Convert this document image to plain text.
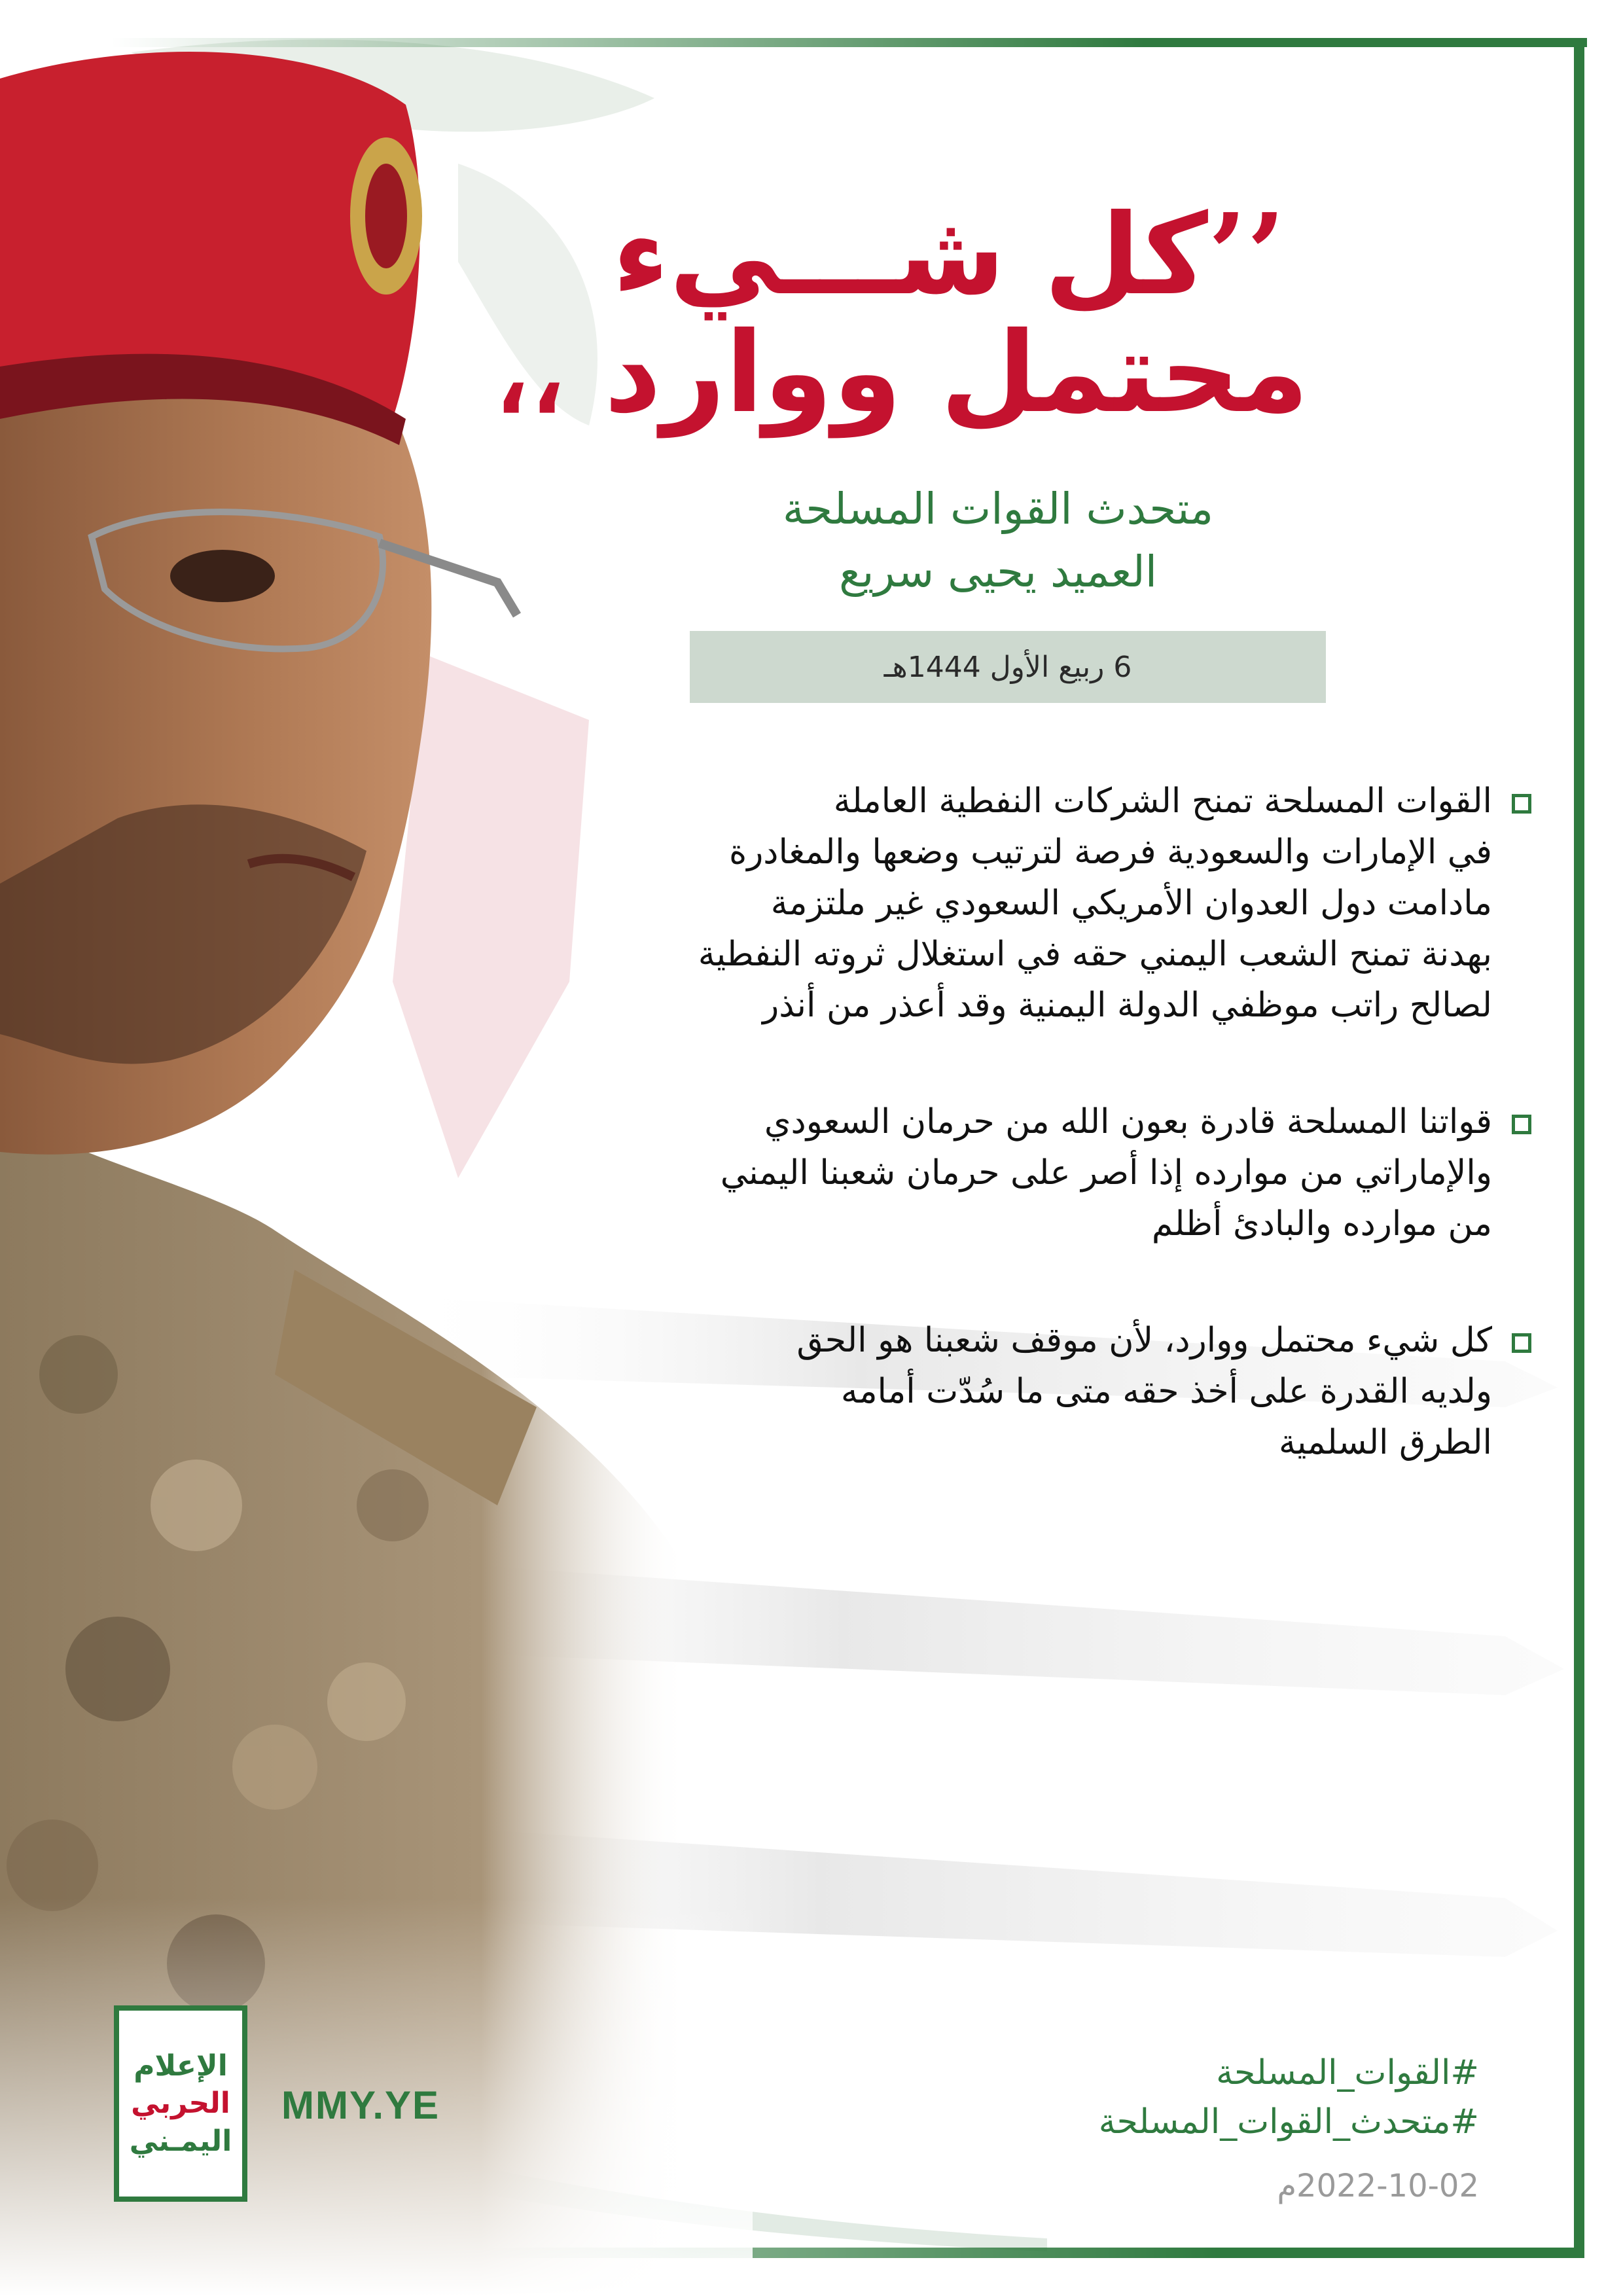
’’كل شـــيء
محتمل ووارد ،،
متحدث القوات المسلحة
العميد يحيى سريع
6 ربيع الأول 1444هـ
القوات المسلحة تمنح الشركات النفطية العاملة
في الإمارات والسعودية فرصة لترتيب وضعها والمغادرة
مادامت دول العدوان الأمريكي السعودي غير ملتزمة
بهدنة تمنح الشعب اليمني حقه في استغلال ثروته النفطية
لصالح راتب موظفي الدولة اليمنية وقد أعذر من أنذر
قواتنا المسلحة قادرة بعون الله من حرمان السعودي
والإماراتي من موارده إذا أصر على حرمان شعبنا اليمني
من موارده والبادئ أظلم
كل شيء محتمل ووارد، لأن موقف شعبنا هو الحق
ولديه القدرة على أخذ حقه متى ما سُدّت أمامه
الطرق السلمية
الإعلام
الحربي
اليمـني
MMY.YE
#القوات_المسلحة
#متحدث_القوات_المسلحة
2022-10-02م
